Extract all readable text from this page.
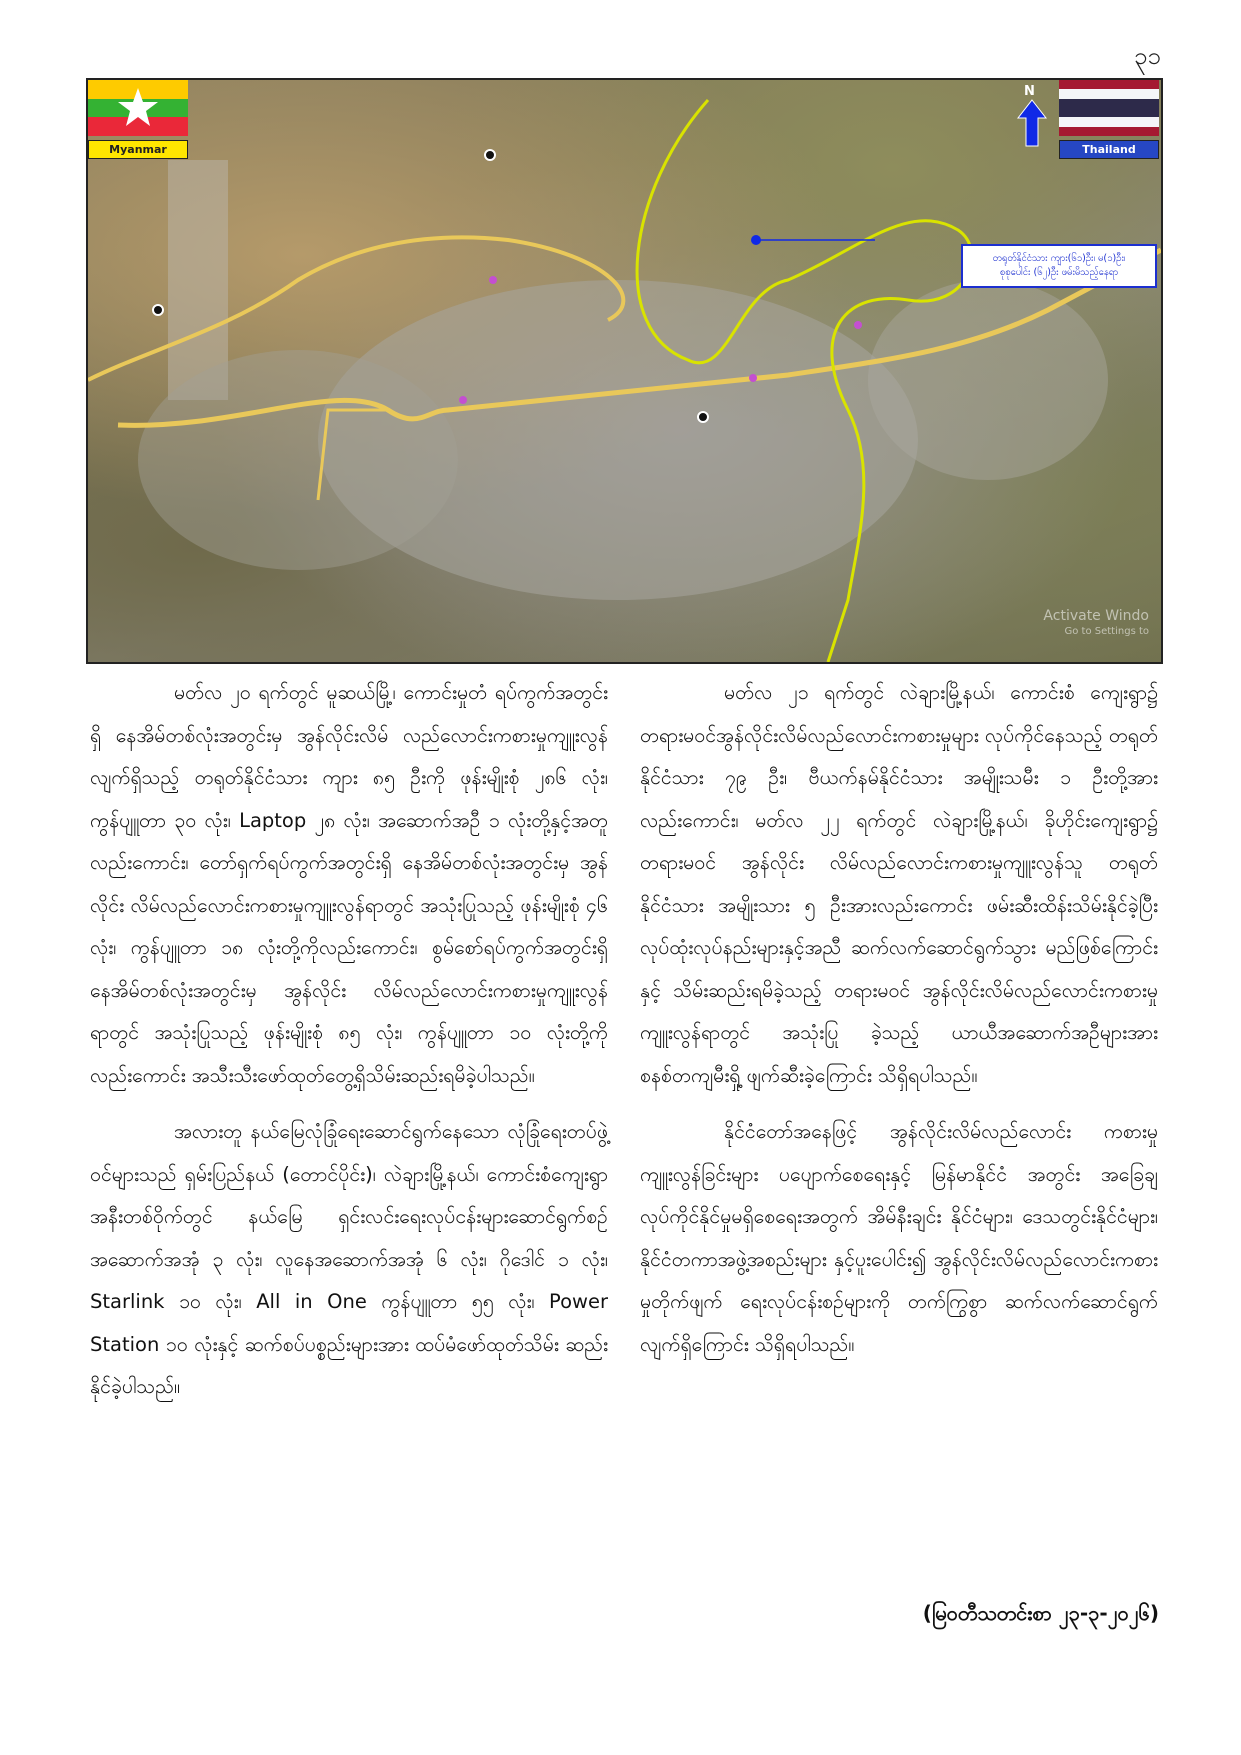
၃၁
Myanmar
N
Thailand
တရုတ်နိုင်ငံသား ကျား(၆၁)ဦး၊ မ(၁)ဦး၊
စုစုပေါင်း (၆၂)ဦး ဖမ်းမိသည့်နေရာ
Activate Windo
Go to Settings to

မတ်လ ၂၀ ရက်တွင် မူဆယ်မြို့၊ ကောင်းမှုတံ ရပ်ကွက်အတွင်းရှိ နေအိမ်တစ်လုံးအတွင်းမှ အွန်လိုင်းလိမ် လည်လောင်းကစားမှုကျူးလွန်လျက်ရှိသည့် တရုတ်နိုင်ငံသား ကျား ၈၅ ဦးကို ဖုန်းမျိုးစုံ ၂၈၆ လုံး၊ ကွန်ပျူတာ ၃၀ လုံး၊ Laptop ၂၈ လုံး၊ အဆောက်အဦ ၁ လုံးတို့နှင့်အတူလည်းကောင်း၊ တော်ရှက်ရပ်ကွက်အတွင်းရှိ နေအိမ်တစ်လုံးအတွင်းမှ အွန်လိုင်း လိမ်လည်လောင်းကစားမှုကျူးလွန်ရာတွင် အသုံးပြုသည့် ဖုန်းမျိုးစုံ ၄၆ လုံး၊ ကွန်ပျူတာ ၁၈ လုံးတို့ကိုလည်းကောင်း၊ စွမ်စော်ရပ်ကွက်အတွင်းရှိ နေအိမ်တစ်လုံးအတွင်းမှ အွန်လိုင်း လိမ်လည်လောင်းကစားမှုကျူးလွန်ရာတွင် အသုံးပြုသည့် ဖုန်းမျိုးစုံ ၈၅ လုံး၊ ကွန်ပျူတာ ၁၀ လုံးတို့ကိုလည်းကောင်း အသီးသီးဖော်ထုတ်တွေ့ရှိသိမ်းဆည်းရမိခဲ့ပါသည်။

အလားတူ နယ်မြေလုံခြုံရေးဆောင်ရွက်နေသော လုံခြုံရေးတပ်ဖွဲ့ဝင်များသည် ရှမ်းပြည်နယ် (တောင်ပိုင်း)၊ လဲချားမြို့နယ်၊ ကောင်းစံကျေးရွာအနီးတစ်ဝိုက်တွင် နယ်မြေ ရှင်းလင်းရေးလုပ်ငန်းများဆောင်ရွက်စဉ် အဆောက်အအုံ ၃ လုံး၊ လူနေအဆောက်အအုံ ၆ လုံး၊ ဂိုဒေါင် ၁ လုံး၊ Starlink ၁၀ လုံး၊ All in One ကွန်ပျူတာ ၅၅ လုံး၊ Power Station ၁၀ လုံးနှင့် ဆက်စပ်ပစ္စည်းများအား ထပ်မံဖော်ထုတ်သိမ်း ဆည်းနိုင်ခဲ့ပါသည်။

မတ်လ ၂၁ ရက်တွင် လဲချားမြို့နယ်၊ ကောင်းစံ ကျေးရွာ၌ တရားမဝင်အွန်လိုင်းလိမ်လည်လောင်းကစားမှုများ လုပ်ကိုင်နေသည့် တရုတ်နိုင်ငံသား ၇၉ ဦး၊ ဗီယက်နမ်နိုင်ငံသား အမျိုးသမီး ၁ ဦးတို့အားလည်းကောင်း၊ မတ်လ ၂၂ ရက်တွင် လဲချားမြို့နယ်၊ ခိုဟိုင်းကျေးရွာ၌ တရားမဝင် အွန်လိုင်း လိမ်လည်လောင်းကစားမှုကျူးလွန်သူ တရုတ်နိုင်ငံသား အမျိုးသား ၅ ဦးအားလည်းကောင်း ဖမ်းဆီးထိန်းသိမ်းနိုင်ခဲ့ပြီး လုပ်ထုံးလုပ်နည်းများနှင့်အညီ ဆက်လက်ဆောင်ရွက်သွား မည်ဖြစ်ကြောင်းနှင့် သိမ်းဆည်းရမိခဲ့သည့် တရားမဝင် အွန်လိုင်းလိမ်လည်လောင်းကစားမှုကျူးလွန်ရာတွင် အသုံးပြု ခဲ့သည့် ယာယီအဆောက်အဦများအား စနစ်တကျမီးရှို့ ဖျက်ဆီးခဲ့ကြောင်း သိရှိရပါသည်။

နိုင်ငံတော်အနေဖြင့် အွန်လိုင်းလိမ်လည်လောင်း ကစားမှုကျူးလွန်ခြင်းများ ပပျောက်စေရေးနှင့် မြန်မာနိုင်ငံ အတွင်း အခြေချလုပ်ကိုင်နိုင်မှုမရှိစေရေးအတွက် အိမ်နီးချင်း နိုင်ငံများ၊ ဒေသတွင်းနိုင်ငံများ၊ နိုင်ငံတကာအဖွဲ့အစည်းများ နှင့်ပူးပေါင်း၍ အွန်လိုင်းလိမ်လည်လောင်းကစားမှုတိုက်ဖျက် ရေးလုပ်ငန်းစဉ်များကို တက်ကြွစွာ ဆက်လက်ဆောင်ရွက် လျက်ရှိကြောင်း သိရှိရပါသည်။

(မြဝတီသတင်းစာ ၂၃-၃-၂၀၂၆)
